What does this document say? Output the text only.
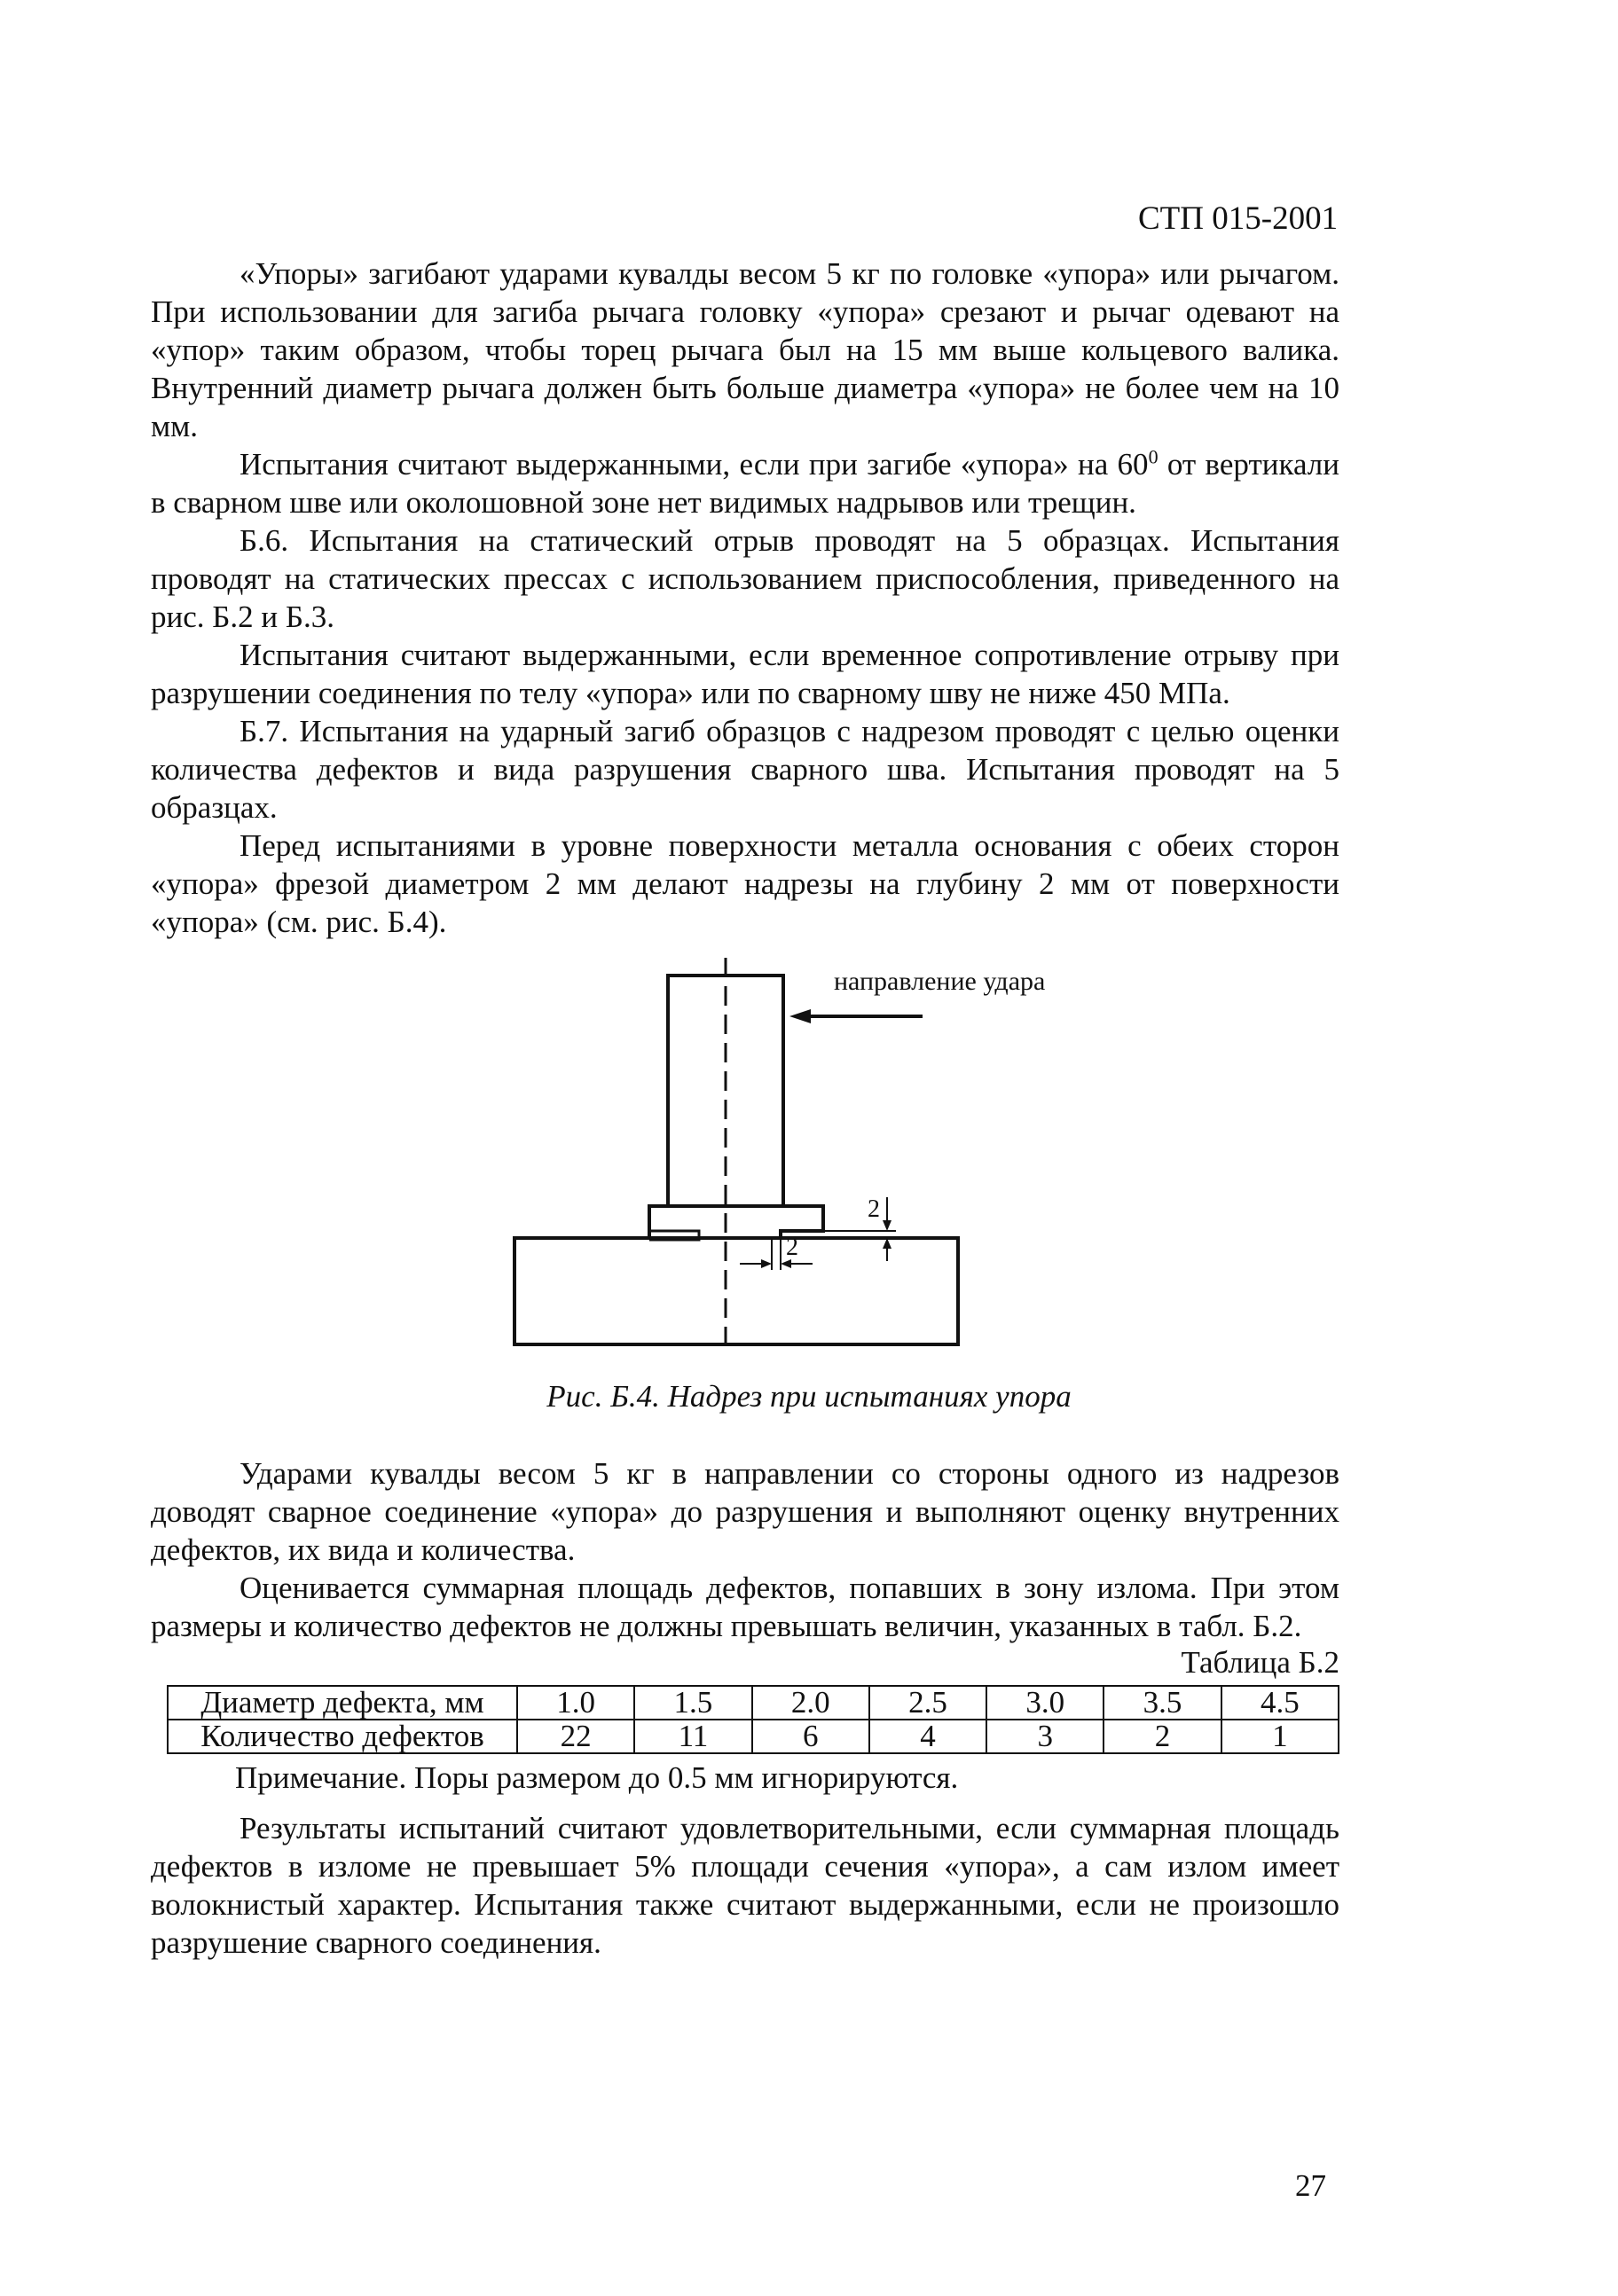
СТП 015-2001

«Упоры» загибают ударами кувалды весом 5 кг по головке «упора» или рычагом. При использовании для загиба рычага головку «упора» срезают и рычаг одевают на «упор» таким образом, чтобы торец рычага был на 15 мм выше кольцевого валика. Внутренний диаметр рычага должен быть больше диаметра «упора» не более чем на 10 мм.

Испытания считают выдержанными, если при загибе «упора» на $60^0$ от вертикали в сварном шве или околошовной зоне нет видимых надрывов или трещин.

Б.6. Испытания на статический отрыв проводят на 5 образцах. Испытания проводят на статических прессах с использованием приспособления, приведенного на рис. Б.2 и Б.3.

Испытания считают выдержанными, если временное сопротивление отрыву при разрушении соединения по телу «упора» или по сварному шву не ниже 450 МПа.

Б.7. Испытания на ударный загиб образцов с надрезом проводят с целью оценки количества дефектов и вида разрушения сварного шва. Испытания проводят на 5 образцах.

Перед испытаниями в уровне поверхности металла основания с обеих сторон «упора» фрезой диаметром 2 мм делают надрезы на глубину 2 мм от поверхности «упора» (см. рис. Б.4).

2
2
направление удара
Рис. Б.4. Надрез при испытаниях упора

Ударами кувалды весом 5 кг в направлении со стороны одного из надрезов доводят сварное соединение «упора» до разрушения и выполняют оценку внутренних дефектов, их вида и количества.

Оценивается суммарная площадь дефектов, попавших в зону излома. При этом размеры и количество дефектов не должны превышать величин, указанных в табл. Б.2.

Таблица Б.2
Диаметр дефекта, мм	1.0	1.5	2.0	2.5	3.0	3.5	4.5
Количество дефектов	22	11	6	4	3	2	1
Примечание. Поры размером до 0.5 мм игнорируются.

Результаты испытаний считают удовлетворительными, если суммарная площадь дефектов в изломе не превышает 5% площади сечения «упора», а сам излом имеет волокнистый характер. Испытания также считают выдержанными, если не произошло разрушение сварного соединения.

27
